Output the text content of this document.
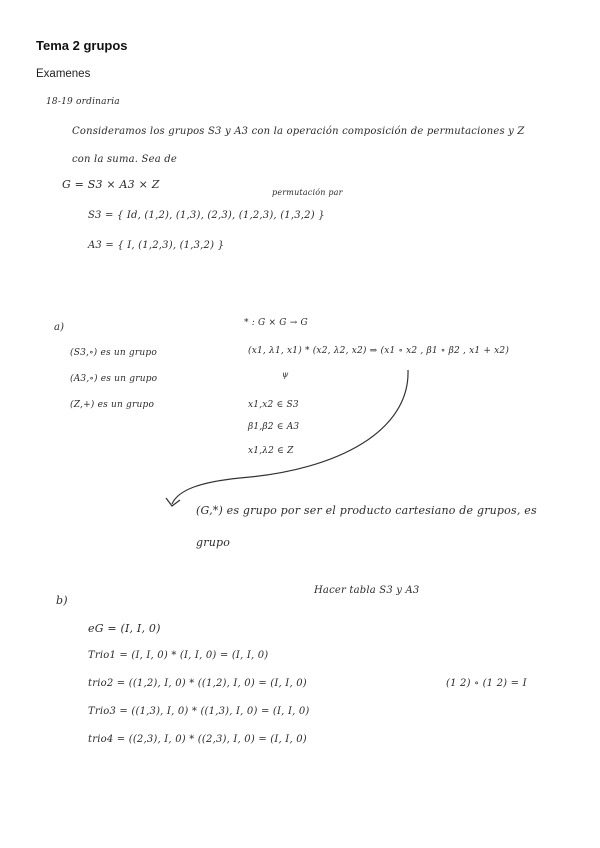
Tema 2 grupos
Examenes
18-19 ordinaria
Consideramos los grupos S3 y A3 con la operación composición de permutaciones y Z
con la suma. Sea de
G = S3 × A3 × Z
permutación par
S3 = { Id, (1,2), (1,3), (2,3), (1,2,3), (1,3,2) }
A3 = { I, (1,2,3), (1,3,2) }
a)	* : G × G → G
(x1, λ1, x1) * (x2, λ2, x2) ⇒ (x1 ∘ x2 , β1 ∘ β2 , x1 + x2)
(S3,∘) es un grupo
(A3,∘) es un grupo
(Z,+) es un grupo
ψ
x1,x2 ∈ S3
β1,β2 ∈ A3
x1,λ2 ∈ Z
(G,*) es grupo por ser el producto cartesiano de grupos, es
grupo
b)
Hacer tabla S3 y A3
eG = (I, I, 0)
Trio1 = (I, I, 0) * (I, I, 0) = (I, I, 0)
trio2 = ((1,2), I, 0) * ((1,2), I, 0) = (I, I, 0)	(1 2) ∘ (1 2) = I
Trio3 = ((1,3), I, 0) * ((1,3), I, 0) = (I, I, 0)
trio4 = ((2,3), I, 0) * ((2,3), I, 0) = (I, I, 0)
